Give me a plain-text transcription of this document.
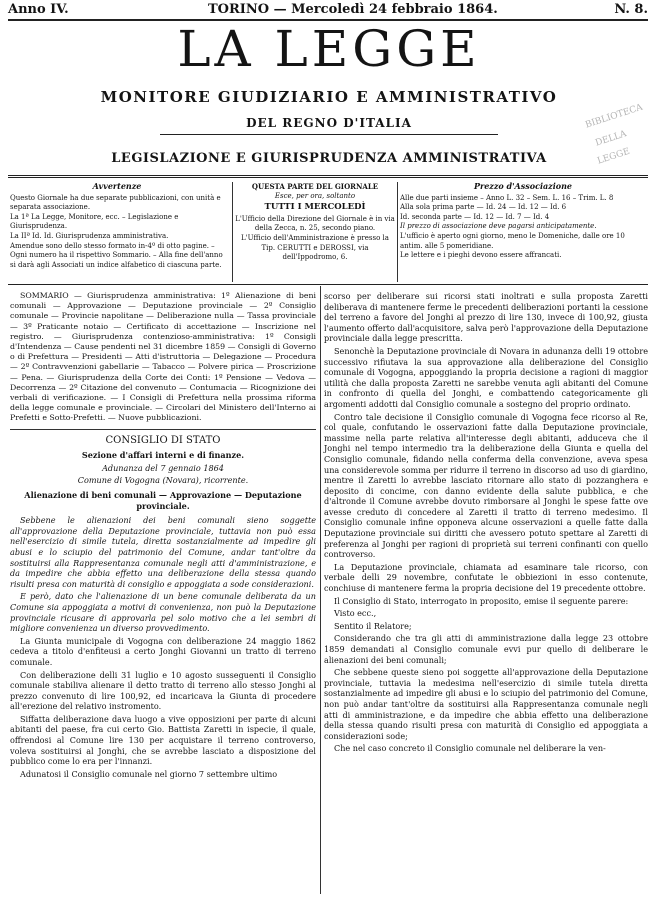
Anno IV.	TORINO — Mercoledì 24 febbraio 1864.	N. 8.
LA LEGGE
MONITORE GIUDIZIARIO E AMMINISTRATIVO
DEL REGNO D'ITALIA
LEGISLAZIONE E GIURISPRUDENZA AMMINISTRATIVA
BIBLIOTECA
DELLA
LEGGE
Avvertenze

Questo Giornale ha due separate pubblicazioni, con unità e separata associazione.

La 1ª La Legge, Monitore, ecc. – Legislazione e Giurisprudenza.

La IIª Id. Id. Giurisprudenza amministrativa.

Amendue sono dello stesso formato in-4º di otto pagine. – Ogni numero ha il rispettivo Sommario. – Alla fine dell'anno si darà agli Associati un indice alfabetico di ciascuna parte.

QUESTA PARTE DEL GIORNALE

Esce, per ora, soltanto

TUTTI I MERCOLEDÌ

L'Ufficio della Direzione del Giornale è in via della Zecca, n. 25, secondo piano.

L'Ufficio dell'Amministrazione è presso la Tip. CERUTTI e DEROSSI, via dell'Ippodromo, 6.

Prezzo d'Associazione

Alle due parti insieme – Anno L. 32 – Sem. L. 16 – Trim. L. 8

Alla sola prima parte — Id. 24 — Id. 12 — Id. 6

Id. seconda parte — Id. 12 — Id. 7 — Id. 4

Il prezzo di associazione deve pagarsi anticipatamente.

L'ufficio è aperto ogni giorno, meno le Domeniche, dalle ore 10 antim. alle 5 pomeridiane.

Le lettere e i pieghi devono essere affrancati.

SOMMARIO — Giurisprudenza amministrativa: 1º Alienazione di beni comunali — Approvazione — Deputazione provinciale — 2º Consiglio comunale — Provincie napolitane — Deliberazione nulla — Tassa provinciale — 3º Praticante notaio — Certificato di accettazione — Inscrizione nel registro. — Giurisprudenza contenzioso-amministrativa: 1º Consigli d'Intendenza — Cause pendenti nel 31 dicembre 1859 — Consigli di Governo o di Prefettura — Presidenti — Atti d'istruttoria — Delegazione — Procedura — 2º Contravvenzioni gabellarie — Tabacco — Polvere pirica — Proscrizione — Pena. — Giurisprudenza della Corte dei Conti: 1º Pensione — Vedova — Decorrenza — 2º Citazione del convenuto — Contumacia — Ricognizione dei verbali di verificazione. — I Consigli di Prefettura nella prossima riforma della legge comunale e provinciale. — Circolari del Ministero dell'Interno ai Prefetti e Sotto-Prefetti. — Nuove pubblicazioni.

CONSIGLIO DI STATO

Sezione d'affari interni e di finanze.

Adunanza del 7 gennaio 1864

Comune di Vogogna (Novara), ricorrente.

Alienazione di beni comunali — Approvazione — Deputazione provinciale.

Sebbene le alienazioni dei beni comunali sieno soggette all'approvazione della Deputazione provinciale, tuttavia non può essa nell'esercizio di simile tutela, diretta sostanzialmente ad impedire gli abusi e lo sciupio del patrimonio del Comune, andar tant'oltre da sostituirsi alla Rappresentanza comunale negli atti d'amministrazione, e da impedire che abbia effetto una deliberazione della stessa quando risulti presa con maturità di consiglio e appoggiata a sode considerazioni.

E però, dato che l'alienazione di un bene comunale deliberata da un Comune sia appoggiata a motivi di convenienza, non può la Deputazione provinciale ricusare di approvarla pel solo motivo che a lei sembri di migliore convenienza un diverso provvedimento.

La Giunta municipale di Vogogna con deliberazione 24 maggio 1862 cedeva a titolo d'enfiteusi a certo Jonghi Giovanni un tratto di terreno comunale.

Con deliberazione delli 31 luglio e 10 agosto susseguenti il Consiglio comunale stabiliva alienare il detto tratto di terreno allo stesso Jonghi al prezzo convenuto di lire 100,92, ed incaricava la Giunta di procedere all'erezione del relativo instromento.

Siffatta deliberazione dava luogo a vive opposizioni per parte di alcuni abitanti del paese, fra cui certo Gio. Battista Zaretti in ispecie, il quale, offrendosi al Comune lire 130 per acquistare il terreno controverso, voleva sostituirsi al Jonghi, che se avrebbe lasciato a disposizione del pubblico come lo era per l'innanzi.

Adunatosi il Consiglio comunale nel giorno 7 settembre ultimo

scorso per deliberare sui ricorsi stati inoltrati e sulla proposta Zaretti deliberava di mantenere ferme le precedenti deliberazioni portanti la cessione del terreno a favore del Jonghi al prezzo di lire 130, invece di 100,92, giusta l'aumento offerto dall'acquisitore, salva però l'approvazione della Deputazione provinciale dalla legge prescritta.

Senonchè la Deputazione provinciale di Novara in adunanza delli 19 ottobre successivo rifiutava la sua approvazione alla deliberazione del Consiglio comunale di Vogogna, appoggiando la propria decisione a ragioni di maggior utilità che dalla proposta Zaretti ne sarebbe venuta agli abitanti del Comune in confronto di quella del Jonghi, e combattendo categoricamente gli argomenti addotti dal Consiglio comunale a sostegno del proprio ordinato.

Contro tale decisione il Consiglio comunale di Vogogna fece ricorso al Re, col quale, confutando le osservazioni fatte dalla Deputazione provinciale, massime nella parte relativa all'interesse degli abitanti, adduceva che il Jonghi nel tempo intermedio tra la deliberazione della Giunta e quella del Consiglio comunale, fidando nella conferma della convenzione, aveva spesa una considerevole somma per ridurre il terreno in discorso ad uso di giardino, mentre il Zaretti lo avrebbe lasciato ritornare allo stato di pozzanghera e deposito di concime, con danno evidente della salute pubblica, e che d'altronde il Comune avrebbe dovuto rimborsare al Jonghi le spese fatte ove avesse creduto di concedere al Zaretti il tratto di terreno medesimo. Il Consiglio comunale infine opponeva alcune osservazioni a quelle fatte dalla Deputazione provinciale sui diritti che avessero potuto spettare al Zaretti di preferenza al Jonghi per ragioni di proprietà sui terreni confinanti con quello controverso.

La Deputazione provinciale, chiamata ad esaminare tale ricorso, con verbale delli 29 novembre, confutate le obbiezioni in esso contenute, conchiuse di mantenere ferma la propria decisione del 19 precedente ottobre.

Il Consiglio di Stato, interrogato in proposito, emise il seguente parere:

Visto ecc.,

Sentito il Relatore;

Considerando che tra gli atti di amministrazione dalla legge 23 ottobre 1859 demandati al Consiglio comunale evvi pur quello di deliberare le alienazioni dei beni comunali;

Che sebbene queste sieno poi soggette all'approvazione della Deputazione provinciale, tuttavia la medesima nell'esercizio di simile tutela diretta sostanzialmente ad impedire gli abusi e lo sciupio del patrimonio del Comune, non può andar tant'oltre da sostituirsi alla Rappresentanza comunale negli atti di amministrazione, e da impedire che abbia effetto una deliberazione della stessa quando risulti presa con maturità di Consiglio ed appoggiata a considerazioni sode;

Che nel caso concreto il Consiglio comunale nel deliberare la ven-
